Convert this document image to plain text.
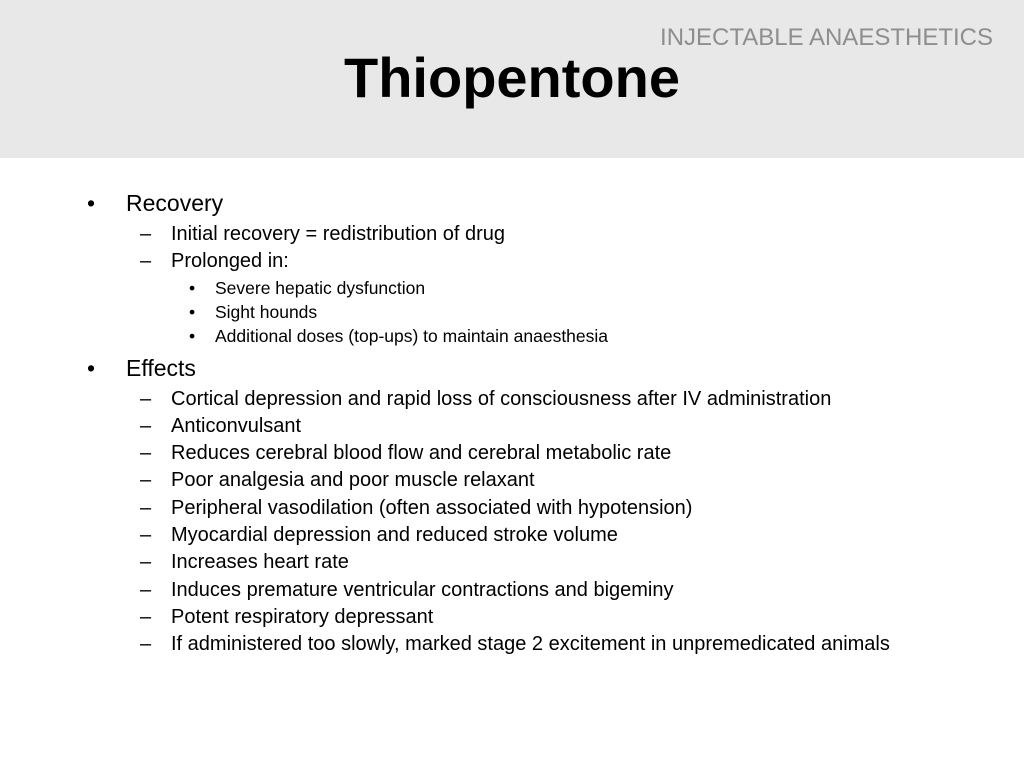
INJECTABLE ANAESTHETICS
Thiopentone
• Recovery
– Initial recovery = redistribution of drug
– Prolonged in:
• Severe hepatic dysfunction
• Sight hounds
• Additional doses (top-ups) to maintain anaesthesia
• Effects
– Cortical depression and rapid loss of consciousness after IV administration
– Anticonvulsant
– Reduces cerebral blood flow and cerebral metabolic rate
– Poor analgesia and poor muscle relaxant
– Peripheral vasodilation (often associated with hypotension)
– Myocardial depression and reduced stroke volume
– Increases heart rate
– Induces premature ventricular contractions and bigeminy
– Potent respiratory depressant
– If administered too slowly, marked stage 2 excitement in unpremedicated animals
